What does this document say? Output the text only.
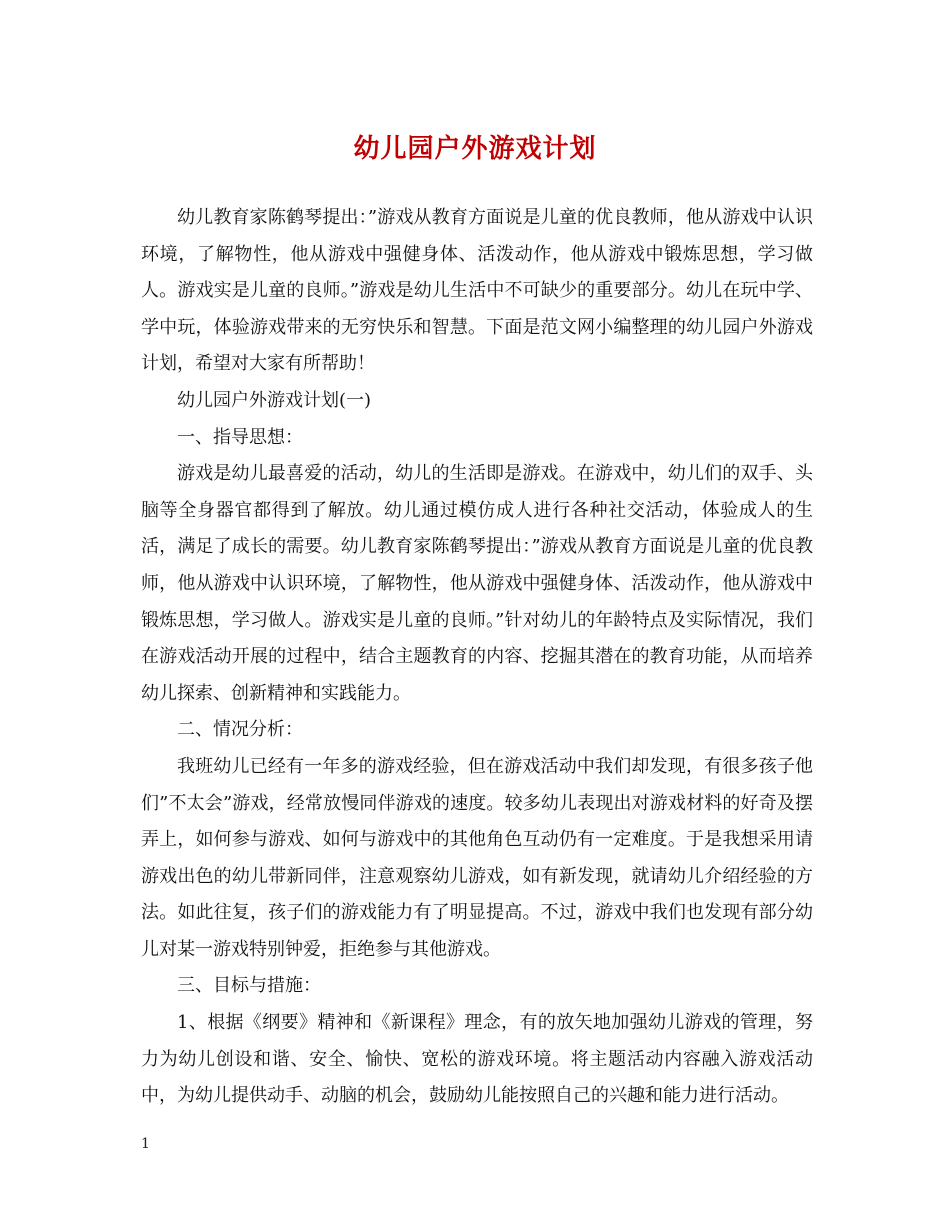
幼儿园户外游戏计划

幼儿教育家陈鹤琴提出：”游戏从教育方面说是儿童的优良教师，他从游戏中认识环境，了解物性，他从游戏中强健身体、活泼动作，他从游戏中锻炼思想，学习做人。游戏实是儿童的良师。”游戏是幼儿生活中不可缺少的重要部分。幼儿在玩中学、学中玩，体验游戏带来的无穷快乐和智慧。下面是范文网小编整理的幼儿园户外游戏计划，希望对大家有所帮助！

幼儿园户外游戏计划(一)

一、指导思想：

游戏是幼儿最喜爱的活动，幼儿的生活即是游戏。在游戏中，幼儿们的双手、头脑等全身器官都得到了解放。幼儿通过模仿成人进行各种社交活动，体验成人的生活，满足了成长的需要。幼儿教育家陈鹤琴提出：”游戏从教育方面说是儿童的优良教师，他从游戏中认识环境，了解物性，他从游戏中强健身体、活泼动作，他从游戏中锻炼思想，学习做人。游戏实是儿童的良师。”针对幼儿的年龄特点及实际情况，我们在游戏活动开展的过程中，结合主题教育的内容、挖掘其潜在的教育功能，从而培养幼儿探索、创新精神和实践能力。

二、情况分析：

我班幼儿已经有一年多的游戏经验，但在游戏活动中我们却发现，有很多孩子他们”不太会”游戏，经常放慢同伴游戏的速度。较多幼儿表现出对游戏材料的好奇及摆弄上，如何参与游戏、如何与游戏中的其他角色互动仍有一定难度。于是我想采用请游戏出色的幼儿带新同伴，注意观察幼儿游戏，如有新发现，就请幼儿介绍经验的方法。如此往复，孩子们的游戏能力有了明显提高。不过，游戏中我们也发现有部分幼儿对某一游戏特别钟爱，拒绝参与其他游戏。

三、目标与措施：

1、根据《纲要》精神和《新课程》理念，有的放矢地加强幼儿游戏的管理，努力为幼儿创设和谐、安全、愉快、宽松的游戏环境。将主题活动内容融入游戏活动中，为幼儿提供动手、动脑的机会，鼓励幼儿能按照自己的兴趣和能力进行活动。

1
